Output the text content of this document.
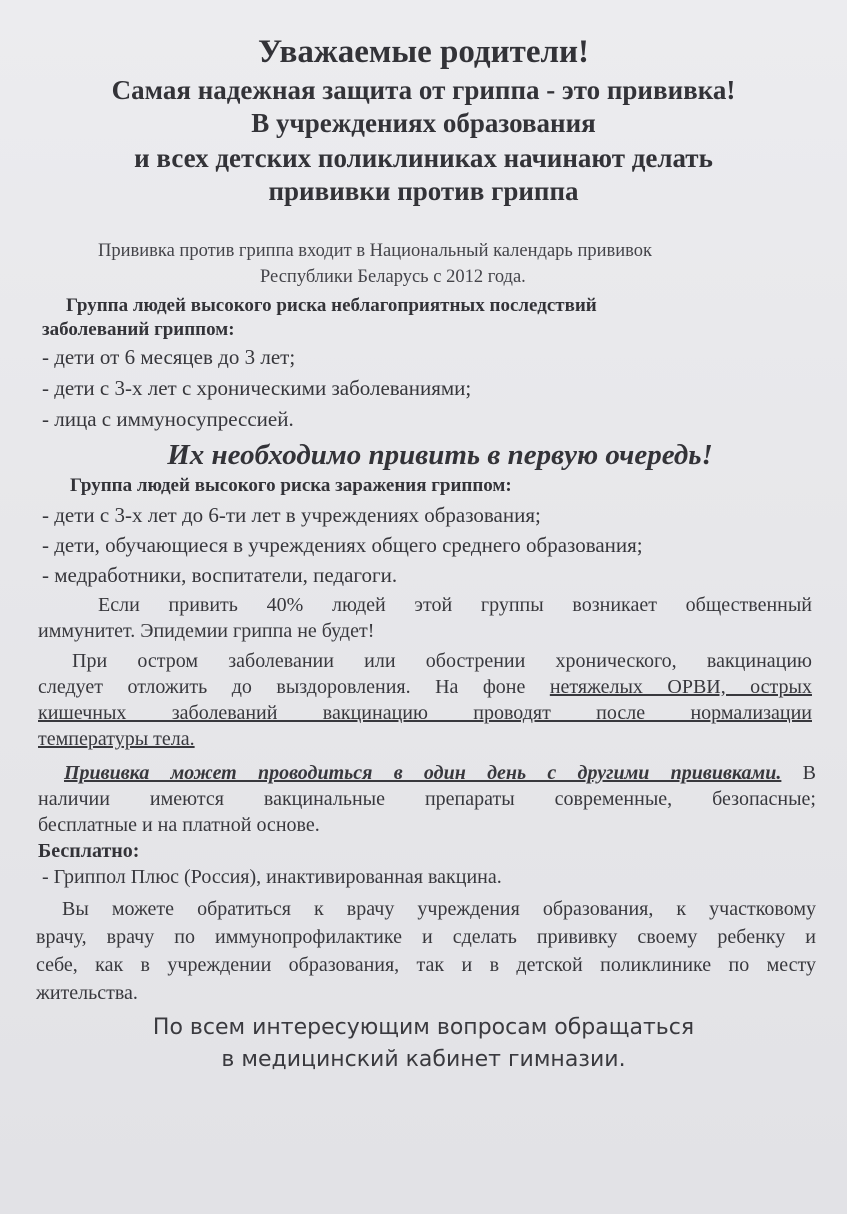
Уважаемые родители!
Самая надежная защита от гриппа - это прививка!
В учреждениях образования
и всех детских поликлиниках начинают делать
прививки против гриппа
Прививка против гриппа входит в Национальный календарь прививок
Республики Беларусь с 2012 года.
Группа людей высокого риска неблагоприятных последствий
заболеваний гриппом:
- дети от 6 месяцев до 3 лет;
- дети с 3-х лет с хроническими заболеваниями;
- лица с иммуносупрессией.
Их необходимо привить в первую очередь!
Группа людей высокого риска заражения гриппом:
- дети с 3-х лет до 6-ти лет в учреждениях образования;
- дети, обучающиеся в учреждениях общего среднего образования;
- медработники, воспитатели, педагоги.
Если привить 40% людей этой группы возникает общественный
иммунитет. Эпидемии гриппа не будет!
При остром заболевании или обострении хронического, вакцинацию
следует отложить до выздоровления. На фоне нетяжелых ОРВИ, острых
кишечных заболеваний вакцинацию проводят после нормализации
температуры тела.
Прививка может проводиться в один день с другими прививками. В
наличии имеются вакцинальные препараты современные, безопасные;
бесплатные и на платной основе.
Бесплатно:
- Гриппол Плюс (Россия), инактивированная вакцина.
Вы можете обратиться к врачу учреждения образования, к участковому
врачу, врачу по иммунопрофилактике и сделать прививку своему ребенку и
себе, как в учреждении образования, так и в детской поликлинике по месту
жительства.
По всем интересующим вопросам обращаться
в медицинский кабинет гимназии.
